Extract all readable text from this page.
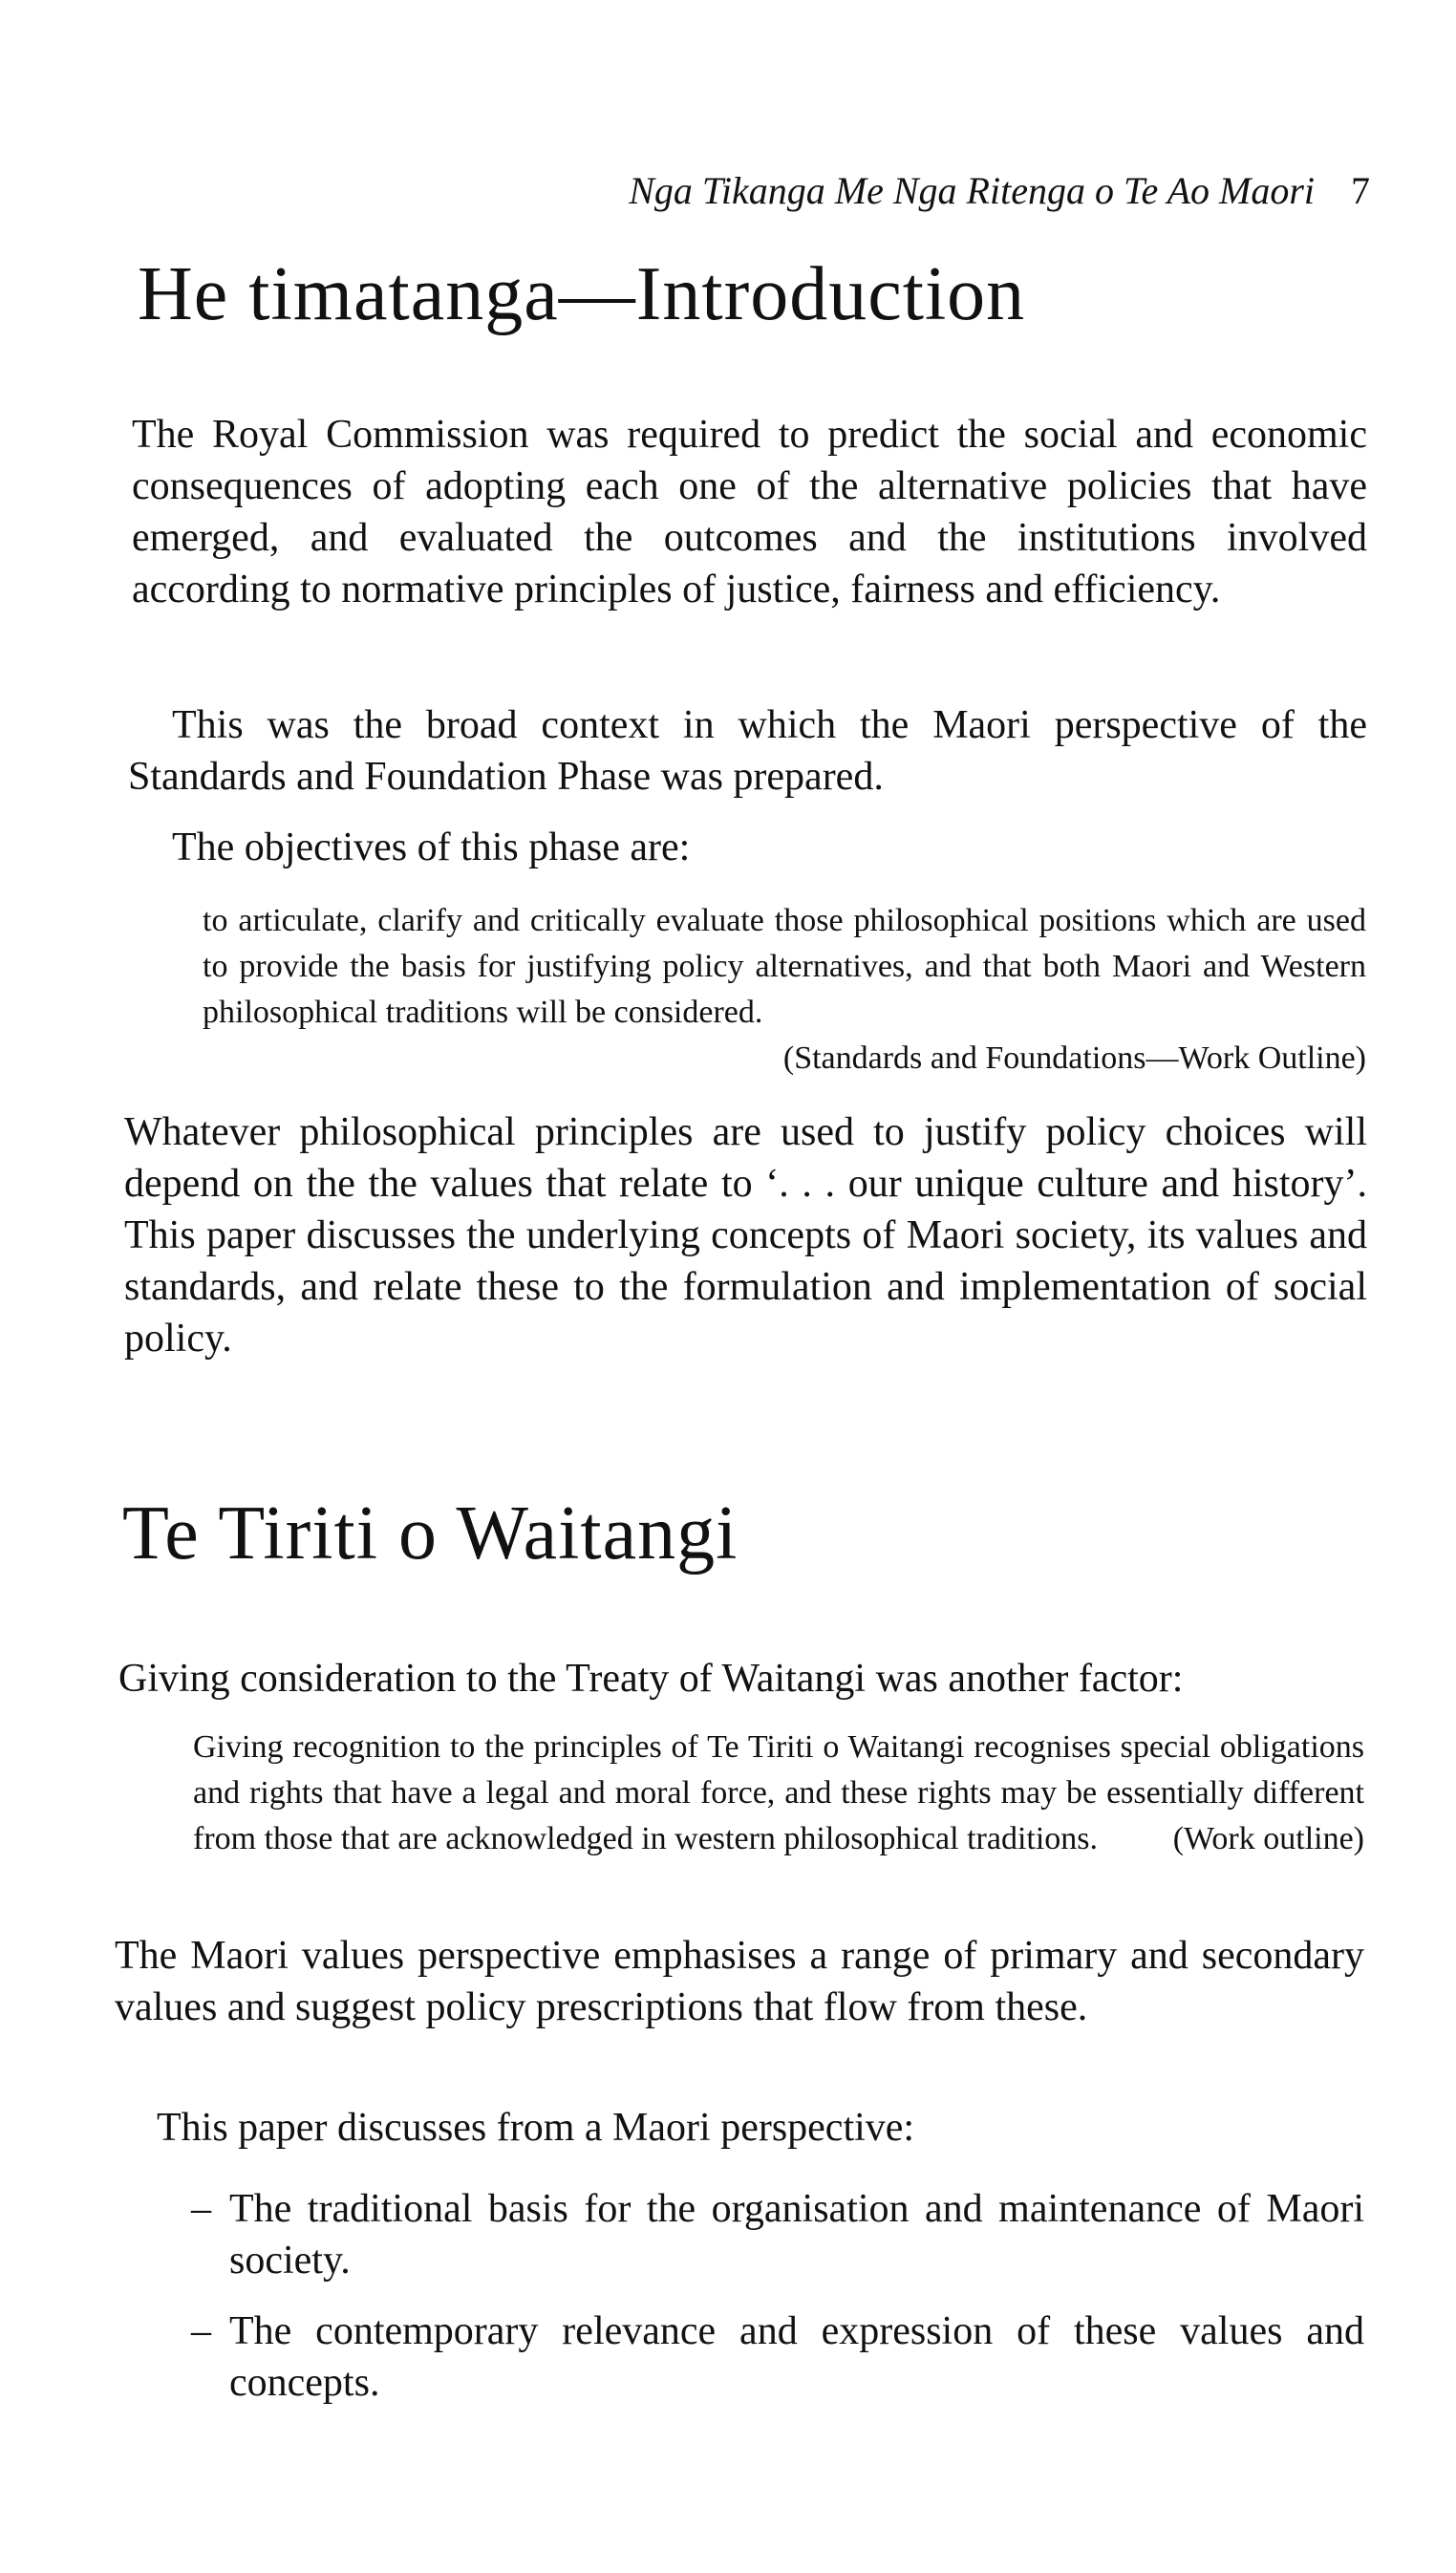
Nga Tikanga Me Nga Ritenga o Te Ao Maori 7
He timatanga—Introduction

The Royal Commission was required to predict the social and economic consequences of adopting each one of the alternative policies that have emerged, and evaluated the outcomes and the institutions involved according to normative principles of justice, fairness and efficiency.

This was the broad context in which the Maori perspective of the Standards and Foundation Phase was prepared.

The objectives of this phase are:

to articulate, clarify and critically evaluate those philosophical positions which are used to provide the basis for justifying policy alternatives, and that both Maori and Western philosophical traditions will be considered.

(Standards and Foundations—Work Outline)

Whatever philosophical principles are used to justify policy choices will depend on the the values that relate to ‘. . . our unique culture and history’. This paper discusses the underlying concepts of Maori society, its values and standards, and relate these to the formulation and implementation of social policy.

Te Tiriti o Waitangi

Giving consideration to the Treaty of Waitangi was another factor:

Giving recognition to the principles of Te Tiriti o Waitangi recognises special obligations and rights that have a legal and moral force, and these rights may be essentially different from those that are acknowledged in western philosophical traditions. (Work outline)

The Maori values perspective emphasises a range of primary and secondary values and suggest policy prescriptions that flow from these.

This paper discusses from a Maori perspective:

– The traditional basis for the organisation and maintenance of Maori society.
– The contemporary relevance and expression of these values and concepts.
